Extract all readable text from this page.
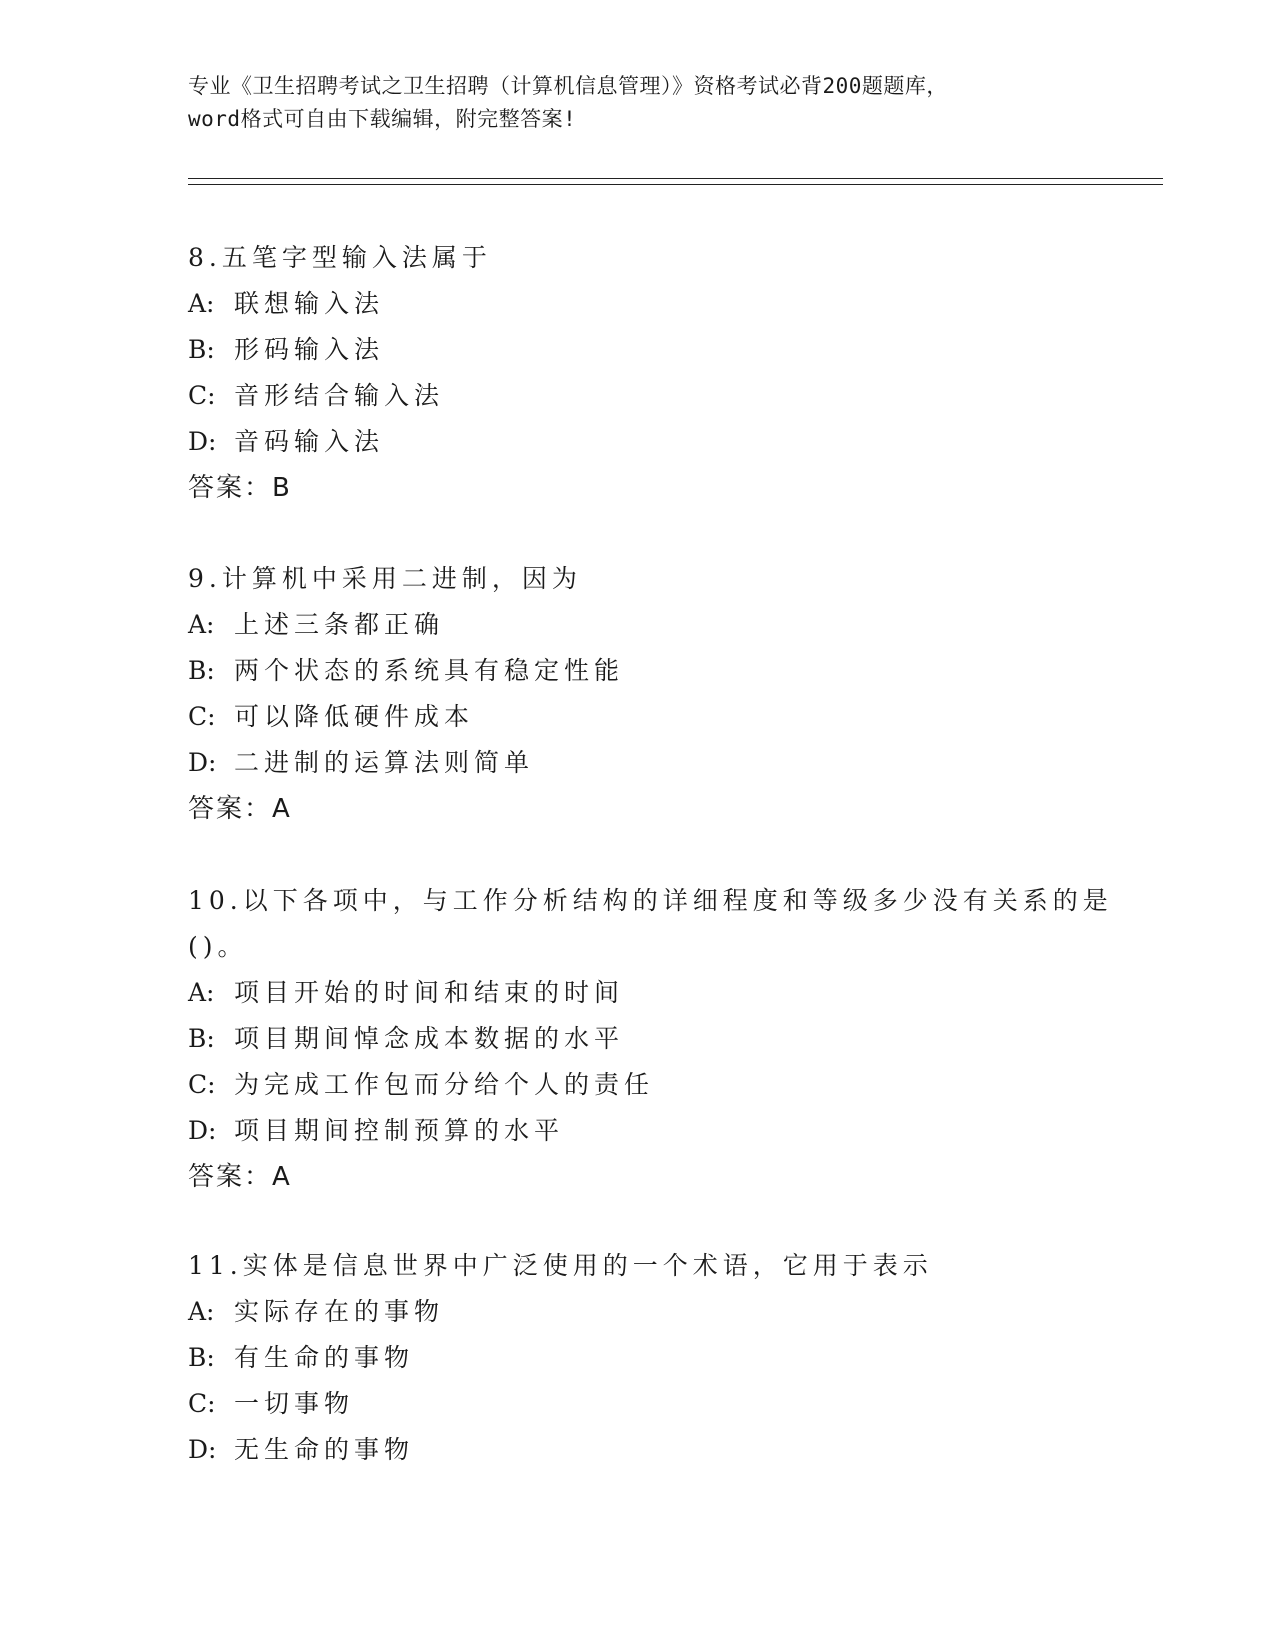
专业《卫生招聘考试之卫生招聘（计算机信息管理）》资格考试必背200题题库，
word格式可自由下载编辑，附完整答案!

8.五笔字型输入法属于

A: 联想输入法

B: 形码输入法

C: 音形结合输入法

D: 音码输入法

答案：B

9.计算机中采用二进制，因为

A: 上述三条都正确

B: 两个状态的系统具有稳定性能

C: 可以降低硬件成本

D: 二进制的运算法则简单

答案：A

10.以下各项中，与工作分析结构的详细程度和等级多少没有关系的是

()。

A: 项目开始的时间和结束的时间

B: 项目期间悼念成本数据的水平

C: 为完成工作包而分给个人的责任

D: 项目期间控制预算的水平

答案：A

11.实体是信息世界中广泛使用的一个术语，它用于表示

A: 实际存在的事物

B: 有生命的事物

C: 一切事物

D: 无生命的事物
